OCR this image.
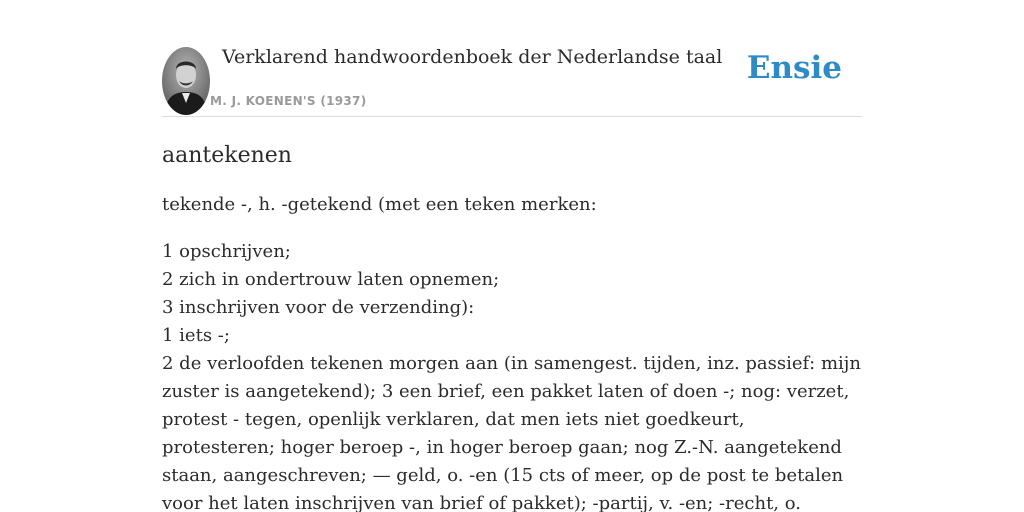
Verklarend handwoordenboek der Nederlandse taal
M. J. KOENEN'S (1937)
Ensie
aantekenen

tekende -, h. -getekend (met een teken merken:

1 opschrijven;
2 zich in ondertrouw laten opnemen;
3 inschrijven voor de verzending):
1 iets -;
2 de verloofden tekenen morgen aan (in samengest. tijden, inz. passief: mijn zuster is aangetekend); 3 een brief, een pakket laten of doen -; nog: verzet, protest - tegen, openlijk verklaren, dat men iets niet goedkeurt, protesteren; hoger beroep -, in hoger beroep gaan; nog Z.-N. aangetekend staan, aangeschreven; — geld, o. -en (15 cts of meer, op de post te betalen voor het laten inschrijven van brief of pakket); -partij, v. -en; -recht, o.
